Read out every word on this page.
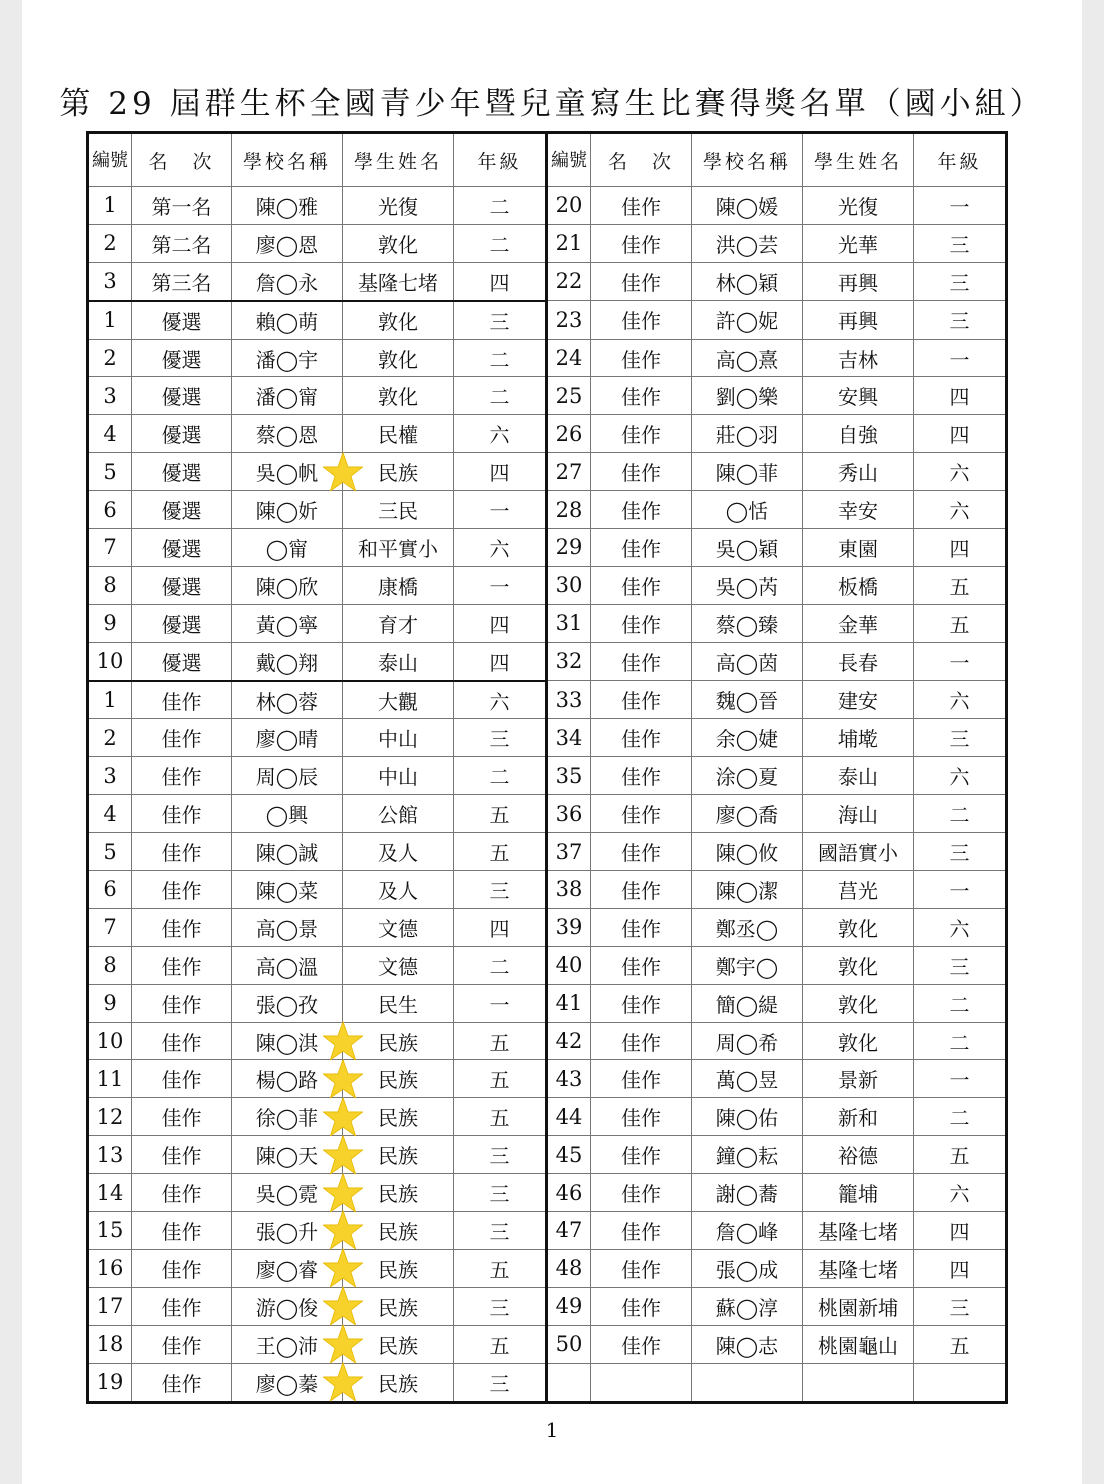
第 29 屆群生杯全國青少年暨兒童寫生比賽得獎名單（國小組）
編號	名　次	學校名稱	學生姓名	年級	編號	名　次	學校名稱	學生姓名	年級
1	第一名	陳◯雅	光復	二	20	佳作	陳◯媛	光復	一
2	第二名	廖◯恩	敦化	二	21	佳作	洪◯芸	光華	三
3	第三名	詹◯永	基隆七堵	四	22	佳作	林◯穎	再興	三
1	優選	賴◯萌	敦化	三	23	佳作	許◯妮	再興	三
2	優選	潘◯宇	敦化	二	24	佳作	高◯熹	吉林	一
3	優選	潘◯甯	敦化	二	25	佳作	劉◯樂	安興	四
4	優選	蔡◯恩	民權	六	26	佳作	莊◯羽	自強	四
5	優選	吳◯帆	民族	四	27	佳作	陳◯菲	秀山	六
6	優選	陳◯妡	三民	一	28	佳作	◯恬	幸安	六
7	優選	◯甯	和平實小	六	29	佳作	吳◯穎	東園	四
8	優選	陳◯欣	康橋	一	30	佳作	吳◯芮	板橋	五
9	優選	黃◯寧	育才	四	31	佳作	蔡◯臻	金華	五
10	優選	戴◯翔	泰山	四	32	佳作	高◯茵	長春	一
1	佳作	林◯蓉	大觀	六	33	佳作	魏◯晉	建安	六
2	佳作	廖◯晴	中山	三	34	佳作	余◯婕	埔墘	三
3	佳作	周◯辰	中山	二	35	佳作	涂◯夏	泰山	六
4	佳作	◯興	公館	五	36	佳作	廖◯喬	海山	二
5	佳作	陳◯誠	及人	五	37	佳作	陳◯攸	國語實小	三
6	佳作	陳◯菜	及人	三	38	佳作	陳◯潔	莒光	一
7	佳作	高◯景	文德	四	39	佳作	鄭丞◯	敦化	六
8	佳作	高◯溫	文德	二	40	佳作	鄭宇◯	敦化	三
9	佳作	張◯孜	民生	一	41	佳作	簡◯緹	敦化	二
10	佳作	陳◯淇	民族	五	42	佳作	周◯希	敦化	二
11	佳作	楊◯路	民族	五	43	佳作	萬◯昱	景新	一
12	佳作	徐◯菲	民族	五	44	佳作	陳◯佑	新和	二
13	佳作	陳◯天	民族	三	45	佳作	鐘◯耘	裕德	五
14	佳作	吳◯霓	民族	三	46	佳作	謝◯蕎	籠埔	六
15	佳作	張◯升	民族	三	47	佳作	詹◯峰	基隆七堵	四
16	佳作	廖◯睿	民族	五	48	佳作	張◯成	基隆七堵	四
17	佳作	游◯俊	民族	三	49	佳作	蘇◯淳	桃園新埔	三
18	佳作	王◯沛	民族	五	50	佳作	陳◯志	桃園龜山	五
19	佳作	廖◯蓁	民族	三					
1
